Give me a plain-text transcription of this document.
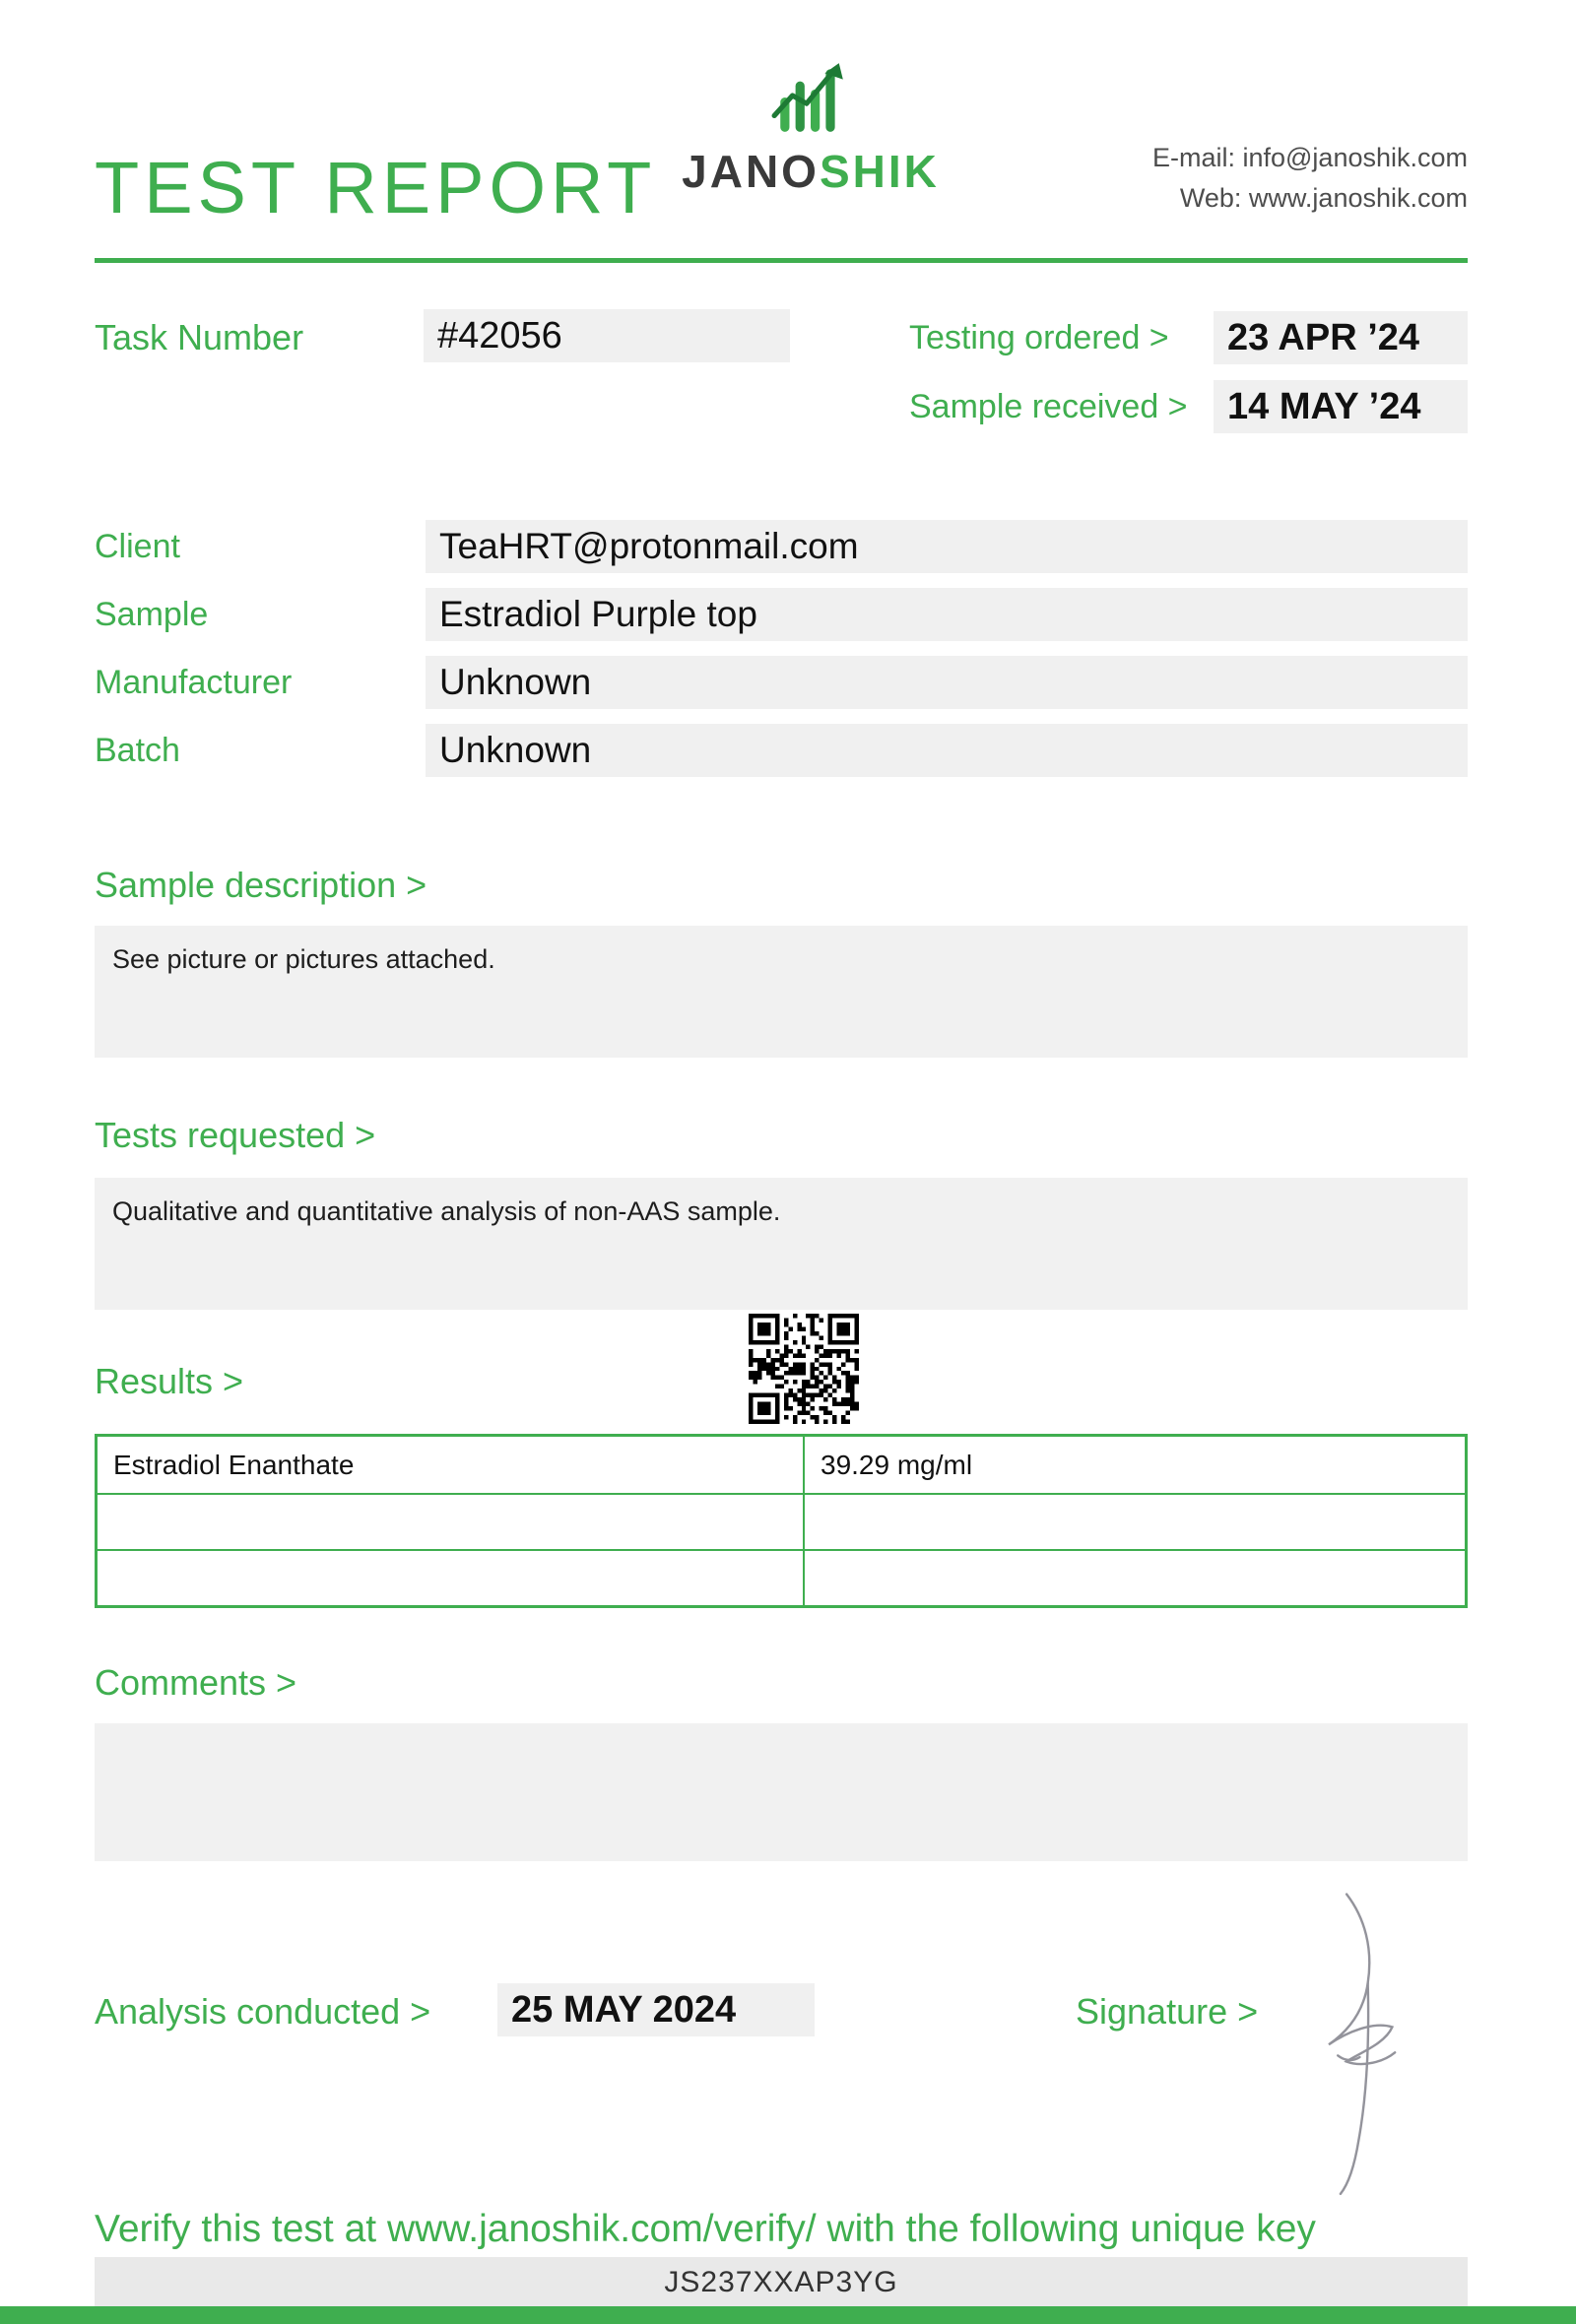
TEST REPORT JANOSHIK	E-mail: info@janoshik.com
Web: www.janoshik.com
Task Number	#42056	Testing ordered >	23 APR ’24
Sample received >	14 MAY ’24
Client	TeaHRT@protonmail.com
Sample	Estradiol Purple top
Manufacturer	Unknown
Batch	Unknown
Sample description >
See picture or pictures attached.
Tests requested >
Qualitative and quantitative analysis of non-AAS sample.
Results >
Estradiol Enanthate	39.29 mg/ml
Comments >
Analysis conducted >	25 MAY 2024	Signature >
Verify this test at www.janoshik.com/verify/ with the following unique key
JS237XXAP3YG
